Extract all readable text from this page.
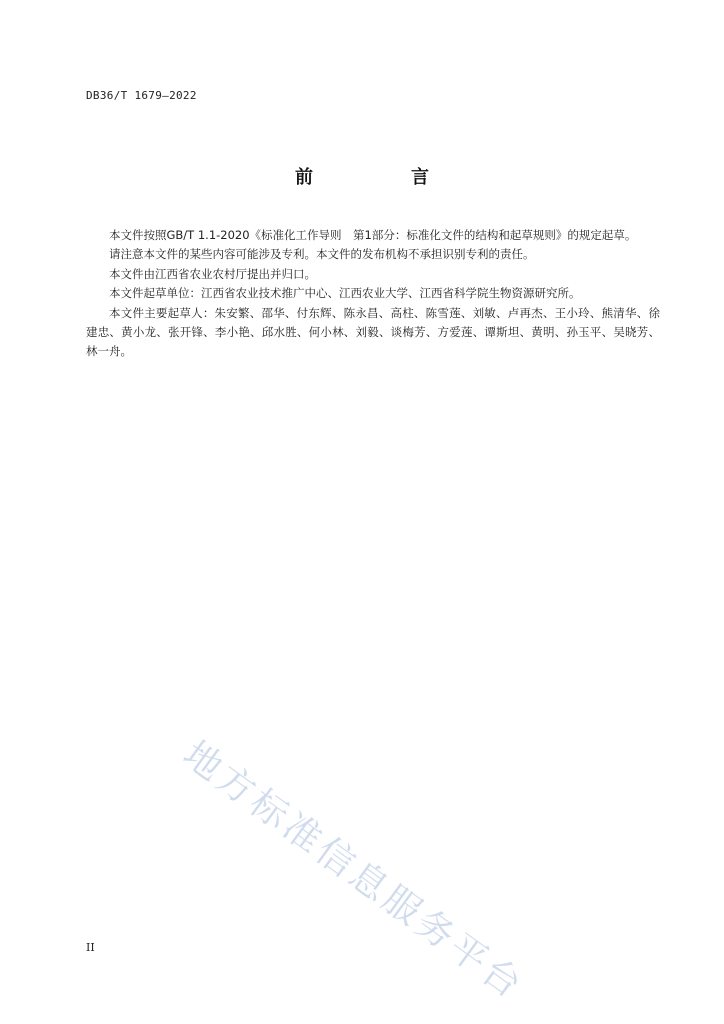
DB36/T 1679—2022
前　言

本文件按照GB/T 1.1-2020《标准化工作导则　第1部分：标准化文件的结构和起草规则》的规定起草。

请注意本文件的某些内容可能涉及专利。本文件的发布机构不承担识别专利的责任。

本文件由江西省农业农村厅提出并归口。

本文件起草单位：江西省农业技术推广中心、江西农业大学、江西省科学院生物资源研究所。

本文件主要起草人：朱安繁、邵华、付东辉、陈永昌、高柱、陈雪莲、刘敏、卢再杰、王小玲、熊清华、徐建忠、黄小龙、张开锋、李小艳、邱水胜、何小林、刘毅、谈梅芳、方爱莲、谭斯坦、黄明、孙玉平、吴晓芳、林一舟。

地方标准信息服务平台
II
